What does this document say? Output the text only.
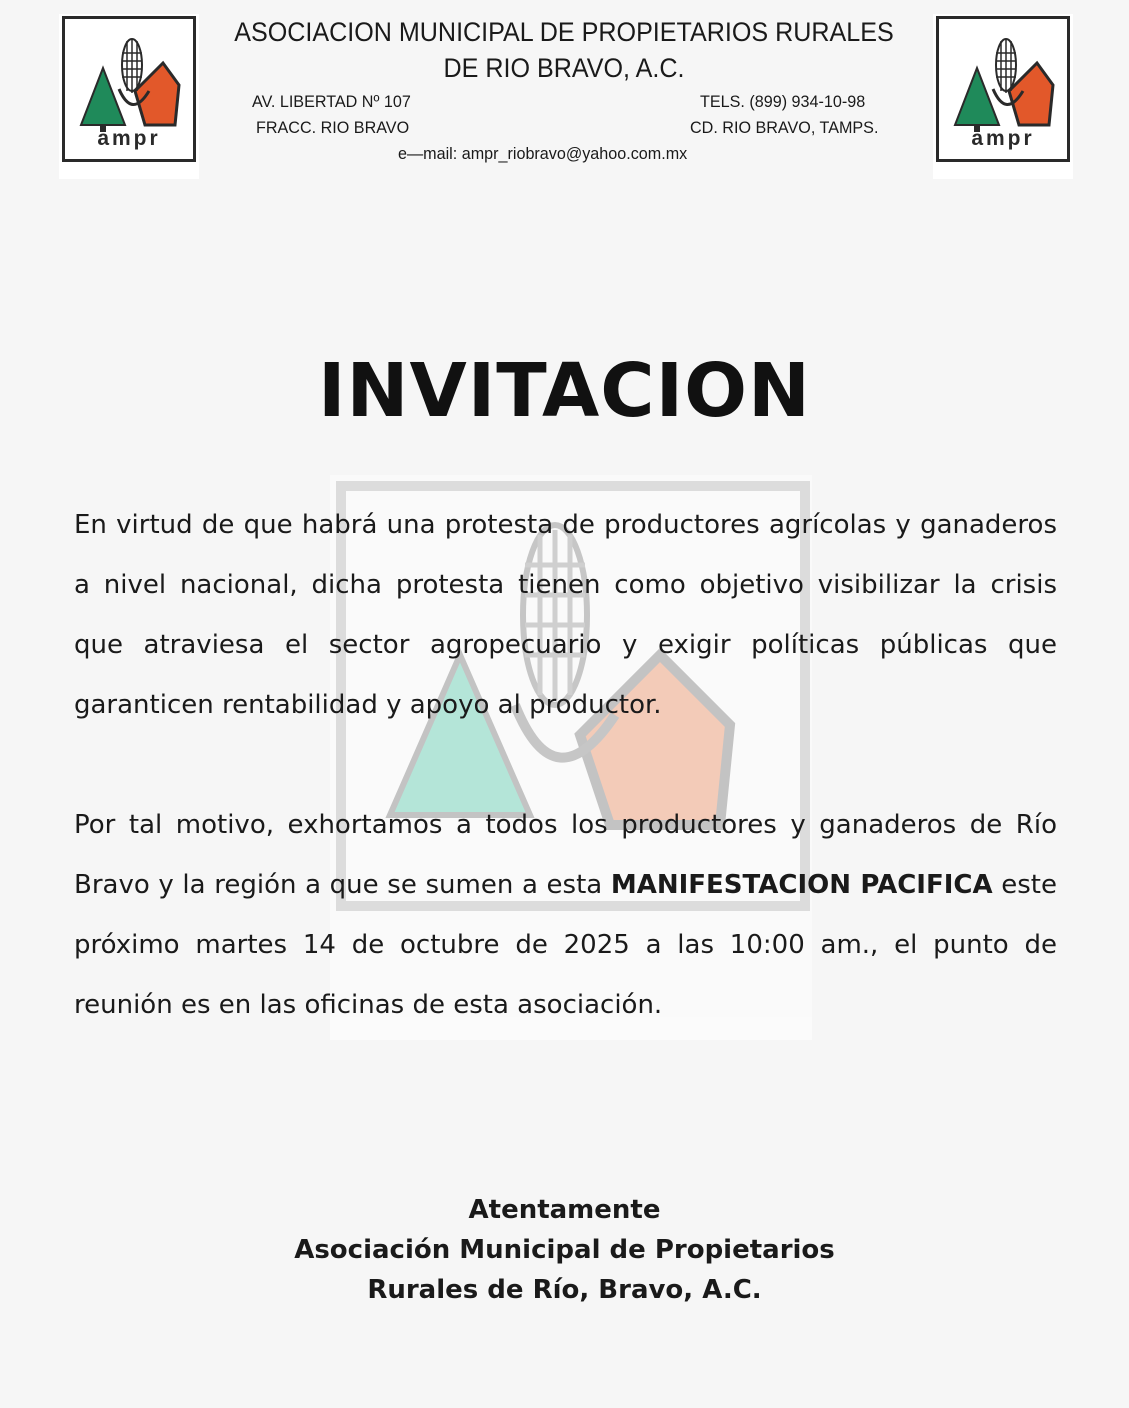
ampr	ampr
ASOCIACION MUNICIPAL DE PROPIETARIOS RURALES
DE RIO BRAVO, A.C.
AV. LIBERTAD Nº 107
FRACC. RIO BRAVO
TELS. (899) 934-10-98
CD. RIO BRAVO, TAMPS.
e—mail: ampr_riobravo@yahoo.com.mx
INVITACION
En virtud de que habrá una protesta de productores agrícolas y ganaderos a nivel nacional, dicha protesta tienen como objetivo visibilizar la crisis que atraviesa el sector agropecuario y exigir políticas públicas que garanticen rentabilidad y apoyo al productor.
Por tal motivo, exhortamos a todos los productores y ganaderos de Río Bravo y la región a que se sumen a esta MANIFESTACION PACIFICA este próximo martes 14 de octubre de 2025 a las 10:00 am., el punto de reunión es en las oficinas de esta asociación.
Atentamente
Asociación Municipal de Propietarios
Rurales de Río, Bravo, A.C.
